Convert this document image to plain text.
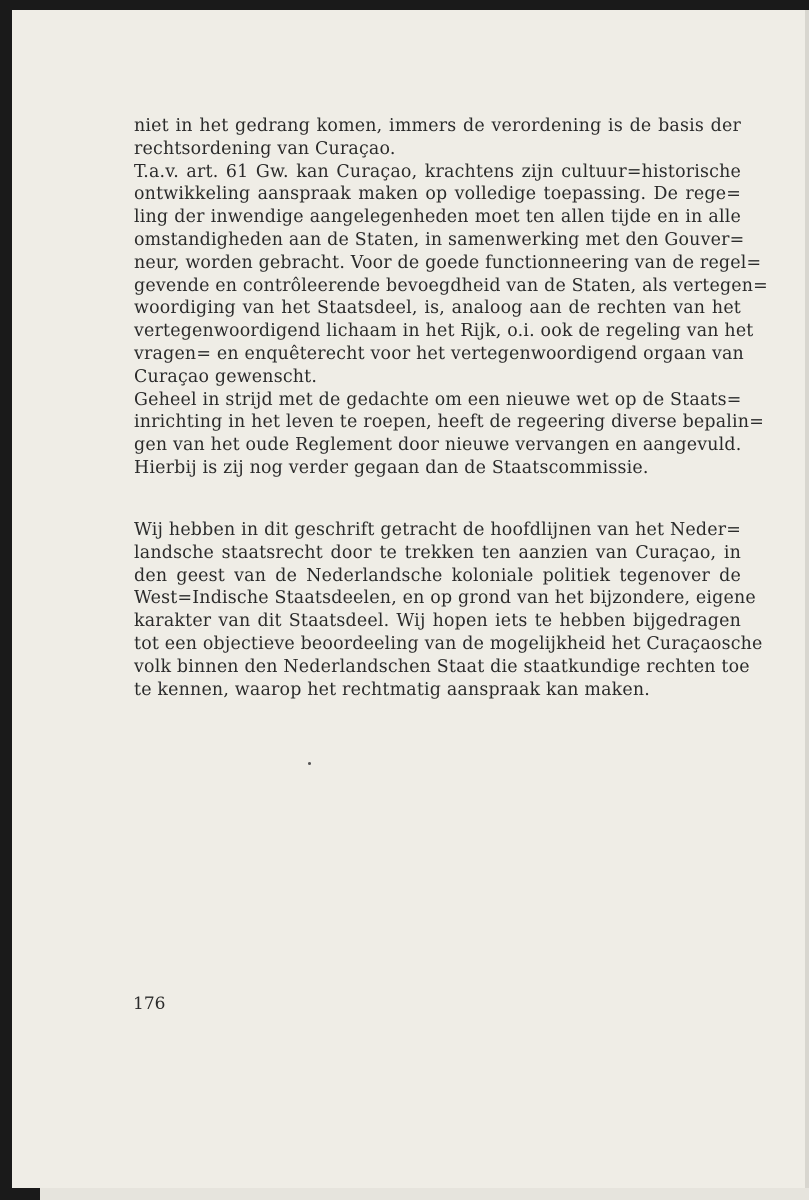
niet in het gedrang komen, immers de verordening is de basis der
rechtsordening van Curaçao.
T.a.v. art. 61 Gw. kan Curaçao, krachtens zijn cultuur=historische
ontwikkeling aanspraak maken op volledige toepassing. De rege=
ling der inwendige aangelegenheden moet ten allen tijde en in alle
omstandigheden aan de Staten, in samenwerking met den Gouver=
neur, worden gebracht. Voor de goede functionneering van de regel=
gevende en contrôleerende bevoegdheid van de Staten, als vertegen=
woordiging van het Staatsdeel, is, analoog aan de rechten van het
vertegenwoordigend lichaam in het Rijk, o.i. ook de regeling van het
vragen= en enquêterecht voor het vertegenwoordigend orgaan van
Curaçao gewenscht.
Geheel in strijd met de gedachte om een nieuwe wet op de Staats=
inrichting in het leven te roepen, heeft de regeering diverse bepalin=
gen van het oude Reglement door nieuwe vervangen en aangevuld.
Hierbij is zij nog verder gegaan dan de Staatscommissie.
Wij hebben in dit geschrift getracht de hoofdlijnen van het Neder=
landsche staatsrecht door te trekken ten aanzien van Curaçao, in
den geest van de Nederlandsche koloniale politiek tegenover de
West=Indische Staatsdeelen, en op grond van het bijzondere, eigene
karakter van dit Staatsdeel. Wij hopen iets te hebben bijgedragen
tot een objectieve beoordeeling van de mogelijkheid het Curaçaosche
volk binnen den Nederlandschen Staat die staatkundige rechten toe
te kennen, waarop het rechtmatig aanspraak kan maken.
176
